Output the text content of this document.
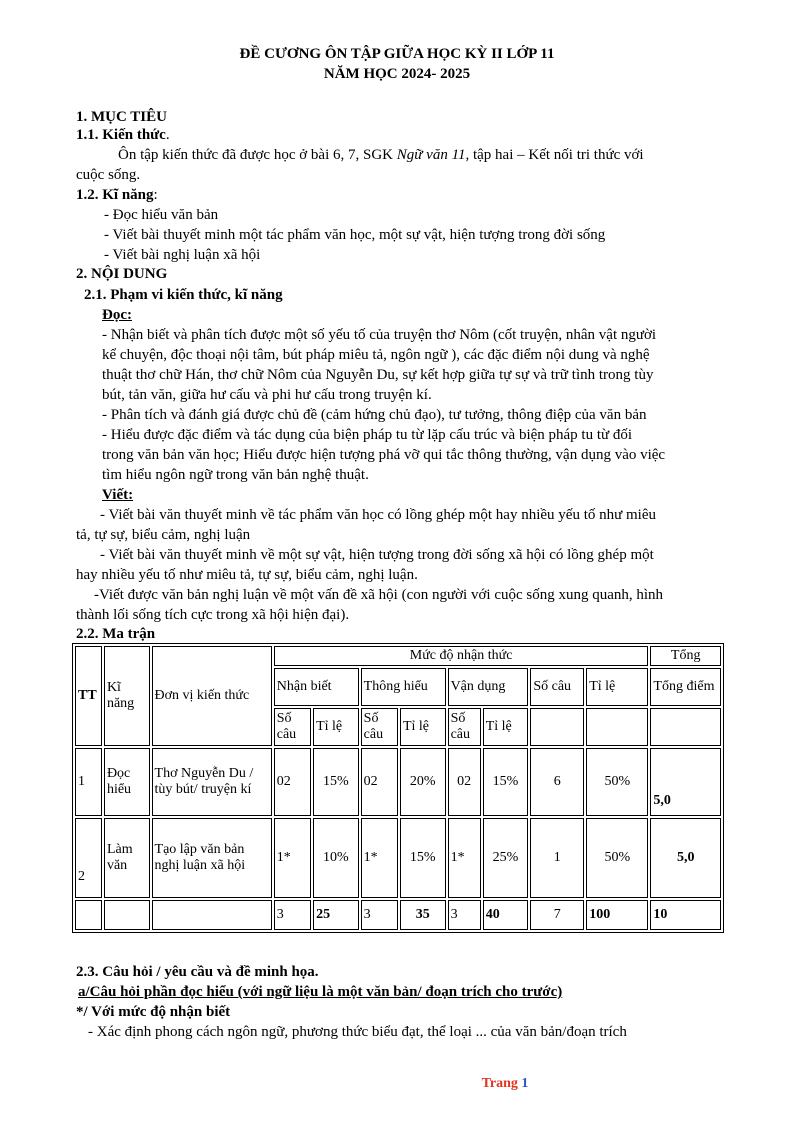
ĐỀ CƯƠNG ÔN TẬP GIỮA HỌC KỲ II LỚP 11
NĂM HỌC 2024- 2025
1. MỤC TIÊU
1.1. Kiến thức.
Ôn tập kiến thức đã được học ở bài 6, 7, SGK Ngữ văn 11, tập hai – Kết nối tri thức với
cuộc sống.
1.2. Kĩ năng:
- Đọc hiểu văn bản
- Viết bài thuyết minh một tác phẩm văn học, một sự vật, hiện tượng trong đời sống
- Viết bài nghị luận xã hội
2. NỘI DUNG
2.1. Phạm vi kiến thức, kĩ năng
Đọc:
- Nhận biết và phân tích được một số yếu tố của truyện thơ Nôm (cốt truyện, nhân vật người
kể chuyện, độc thoại nội tâm, bút pháp miêu tả, ngôn ngữ ), các đặc điểm nội dung và nghệ
thuật thơ chữ Hán, thơ chữ Nôm của Nguyễn Du, sự kết hợp giữa tự sự và trữ tình trong tùy
bút, tản văn, giữa hư cấu và phi hư cấu trong truyện kí.
- Phân tích và đánh giá được chủ đề (cảm hứng chủ đạo), tư tưởng, thông điệp của văn bản
- Hiểu được đặc điểm và tác dụng của biện pháp tu từ lặp cấu trúc và biện pháp tu từ đối
trong văn bản văn học; Hiểu được hiện tượng phá vỡ qui tắc thông thường, vận dụng vào việc
tìm hiểu ngôn ngữ trong văn bản nghệ thuật.
Viết:
- Viết bài văn thuyết minh về tác phẩm văn học có lồng ghép một hay nhiều yếu tố như miêu
tả, tự sự, biểu cảm, nghị luận
- Viết bài văn thuyết minh về một sự vật, hiện tượng trong đời sống xã hội có lồng ghép một
hay nhiều yếu tố như miêu tả, tự sự, biểu cảm, nghị luận.
-Viết được văn bản nghị luận về một vấn đề xã hội (con người với cuộc sống xung quanh, hình
thành lối sống tích cực trong xã hội hiện đại).
2.2. Ma trận
TT	Kĩ năng	Đơn vị kiến thức	Mức độ nhận thức								Tổng
			Nhận biết		Thông hiểu		Vận dụng		Số câu	Tỉ lệ	Tổng điểm
			Số câu	Tỉ lệ	Số câu	Tỉ lệ	Số câu	Tỉ lệ			
1	Đọc hiểu	Thơ Nguyễn Du / tùy bút/ truyện kí	02	15%	02	20%	02	15%	6	50%	5,0
2	Làm văn	Tạo lập văn bản nghị luận xã hội	1*	10%	1*	15%	1*	25%	1	50%	5,0
			3	25	3	35	3	40	7	100	10
2.3. Câu hỏi / yêu cầu và đề minh họa.
a/Câu hỏi phần đọc hiểu (với ngữ liệu là một văn bản/ đoạn trích cho trước)
*/ Với mức độ nhận biết
- Xác định phong cách ngôn ngữ, phương thức biểu đạt, thể loại ... của văn bản/đoạn trích
Trang 1
